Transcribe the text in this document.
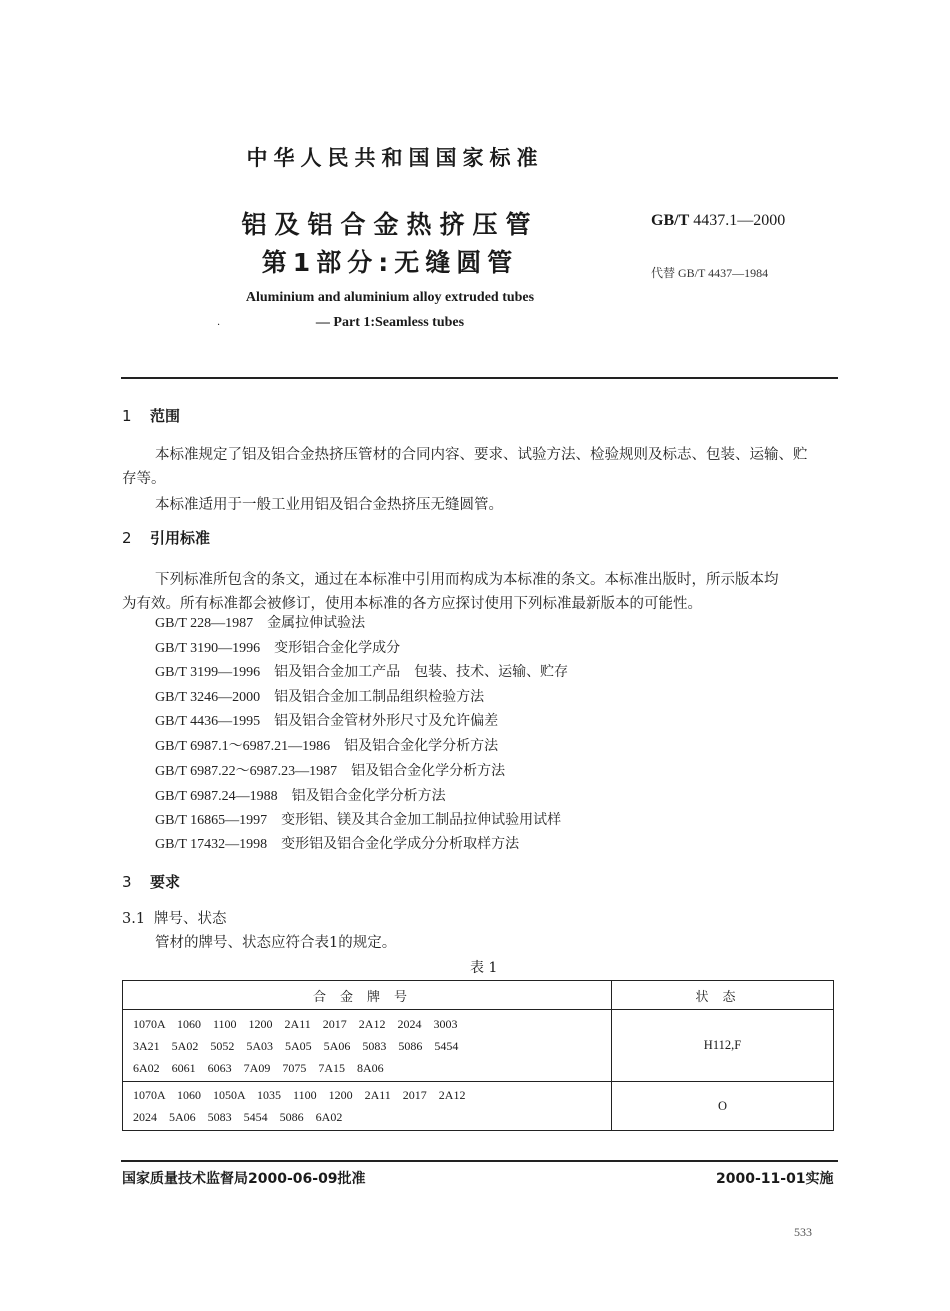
中华人民共和国国家标准
铝及铝合金热挤压管
第1部分:无缝圆管
GB/T 4437.1—2000
代替 GB/T 4437—1984
Aluminium and aluminium alloy extruded tubes
— Part 1:Seamless tubes
·
1 范围
本标准规定了铝及铝合金热挤压管材的合同内容、要求、试验方法、检验规则及标志、包装、运输、贮
存等。
本标准适用于一般工业用铝及铝合金热挤压无缝圆管。
2 引用标准
下列标准所包含的条文，通过在本标准中引用而构成为本标准的条文。本标准出版时，所示版本均
为有效。所有标准都会被修订，使用本标准的各方应探讨使用下列标准最新版本的可能性。
GB/T 228—1987 金属拉伸试验法
GB/T 3190—1996 变形铝合金化学成分
GB/T 3199—1996 铝及铝合金加工产品　包装、技术、运输、贮存
GB/T 3246—2000 铝及铝合金加工制品组织检验方法
GB/T 4436—1995 铝及铝合金管材外形尺寸及允许偏差
GB/T 6987.1～6987.21—1986 铝及铝合金化学分析方法
GB/T 6987.22～6987.23—1987 铝及铝合金化学分析方法
GB/T 6987.24—1988 铝及铝合金化学分析方法
GB/T 16865—1997 变形铝、镁及其合金加工制品拉伸试验用试样
GB/T 17432—1998 变形铝及铝合金化学成分分析取样方法
3 要求
3.1 牌号、状态
管材的牌号、状态应符合表1的规定。
表 1
合金牌号	状态

1070A　1060　1100　1200　2A11　2017　2A12　2024　3003
3A21　5A02　5052　5A03　5A05　5A06　5083　5086　5454
6A02　6061　6063　7A09　7075　7A15　8A06	H112,F

1070A　1060　1050A　1035　1100　1200　2A11　2017　2A12
2024　5A06　5083　5454　5086　6A02	O
国家质量技术监督局2000-06-09批准	2000-11-01实施
533
